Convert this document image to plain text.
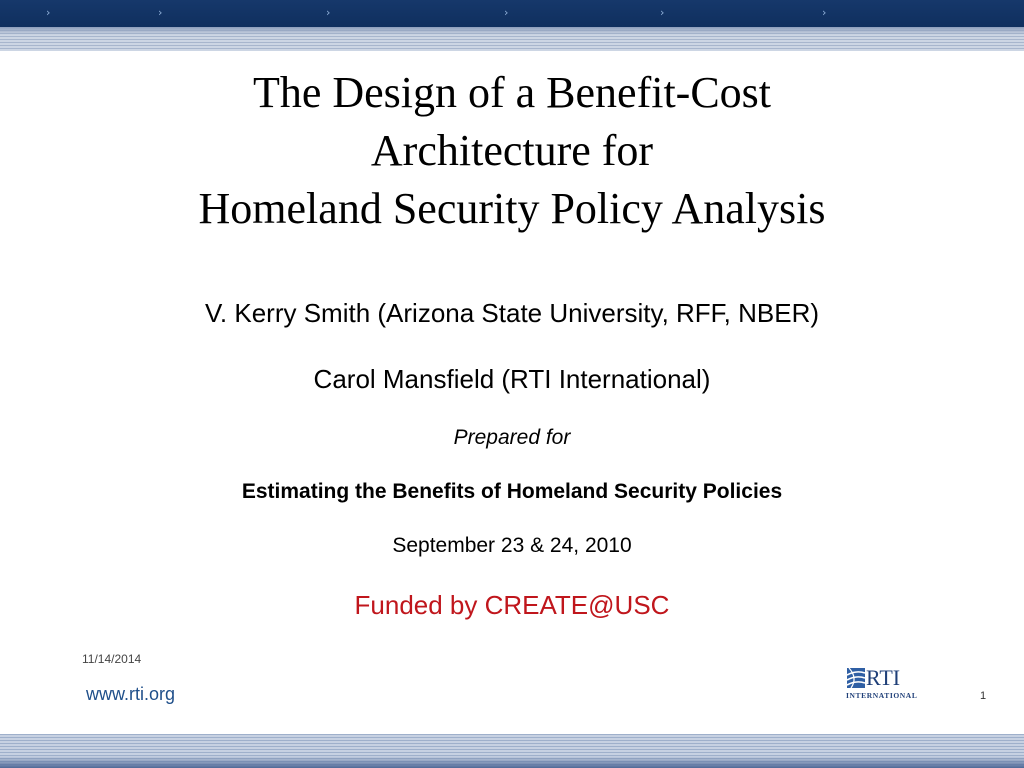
›	›	›	›	›	›
The Design of a Benefit-Cost
Architecture for
Homeland Security Policy Analysis
V. Kerry Smith (Arizona State University, RFF, NBER)
Carol Mansfield (RTI International)
Prepared for
Estimating the Benefits of Homeland Security Policies
September 23 & 24, 2010
Funded by CREATE@USC
11/14/2014
www.rti.org
RTI
INTERNATIONAL	1
